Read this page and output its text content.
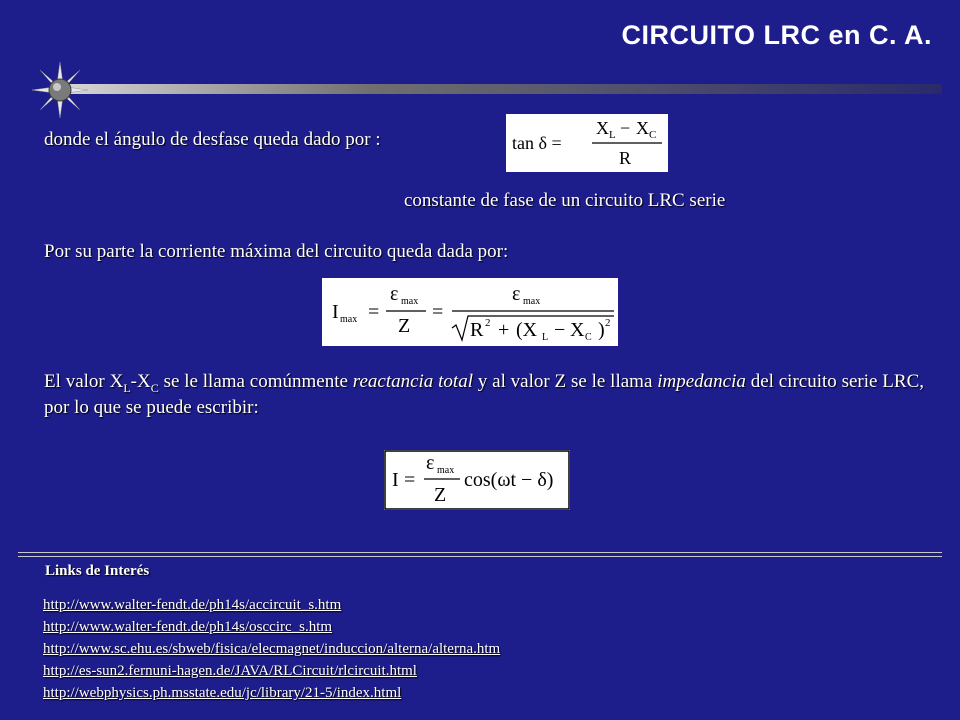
CIRCUITO LRC en C. A.
donde el ángulo de desfase queda dado por :	tan δ =
X L − X C
R
constante de fase de un circuito LRC serie
Por su parte la corriente máxima del circuito queda dada por:
I max =
ε max
Z
=
ε max
R 2 + (X L − X C ) 2
El valor $X_L-X_C$ se le llama comúnmente reactancia total y al valor Z se le llama impedancia del circuito serie LRC, por lo que se puede escribir:
I =
ε max
Z
cos(ωt − δ)
Links de Interés
http://www.walter-fendt.de/ph14s/accircuit_s.htm
http://www.walter-fendt.de/ph14s/osccirc_s.htm
http://www.sc.ehu.es/sbweb/fisica/elecmagnet/induccion/alterna/alterna.htm
http://es-sun2.fernuni-hagen.de/JAVA/RLCircuit/rlcircuit.html
http://webphysics.ph.msstate.edu/jc/library/21-5/index.html
